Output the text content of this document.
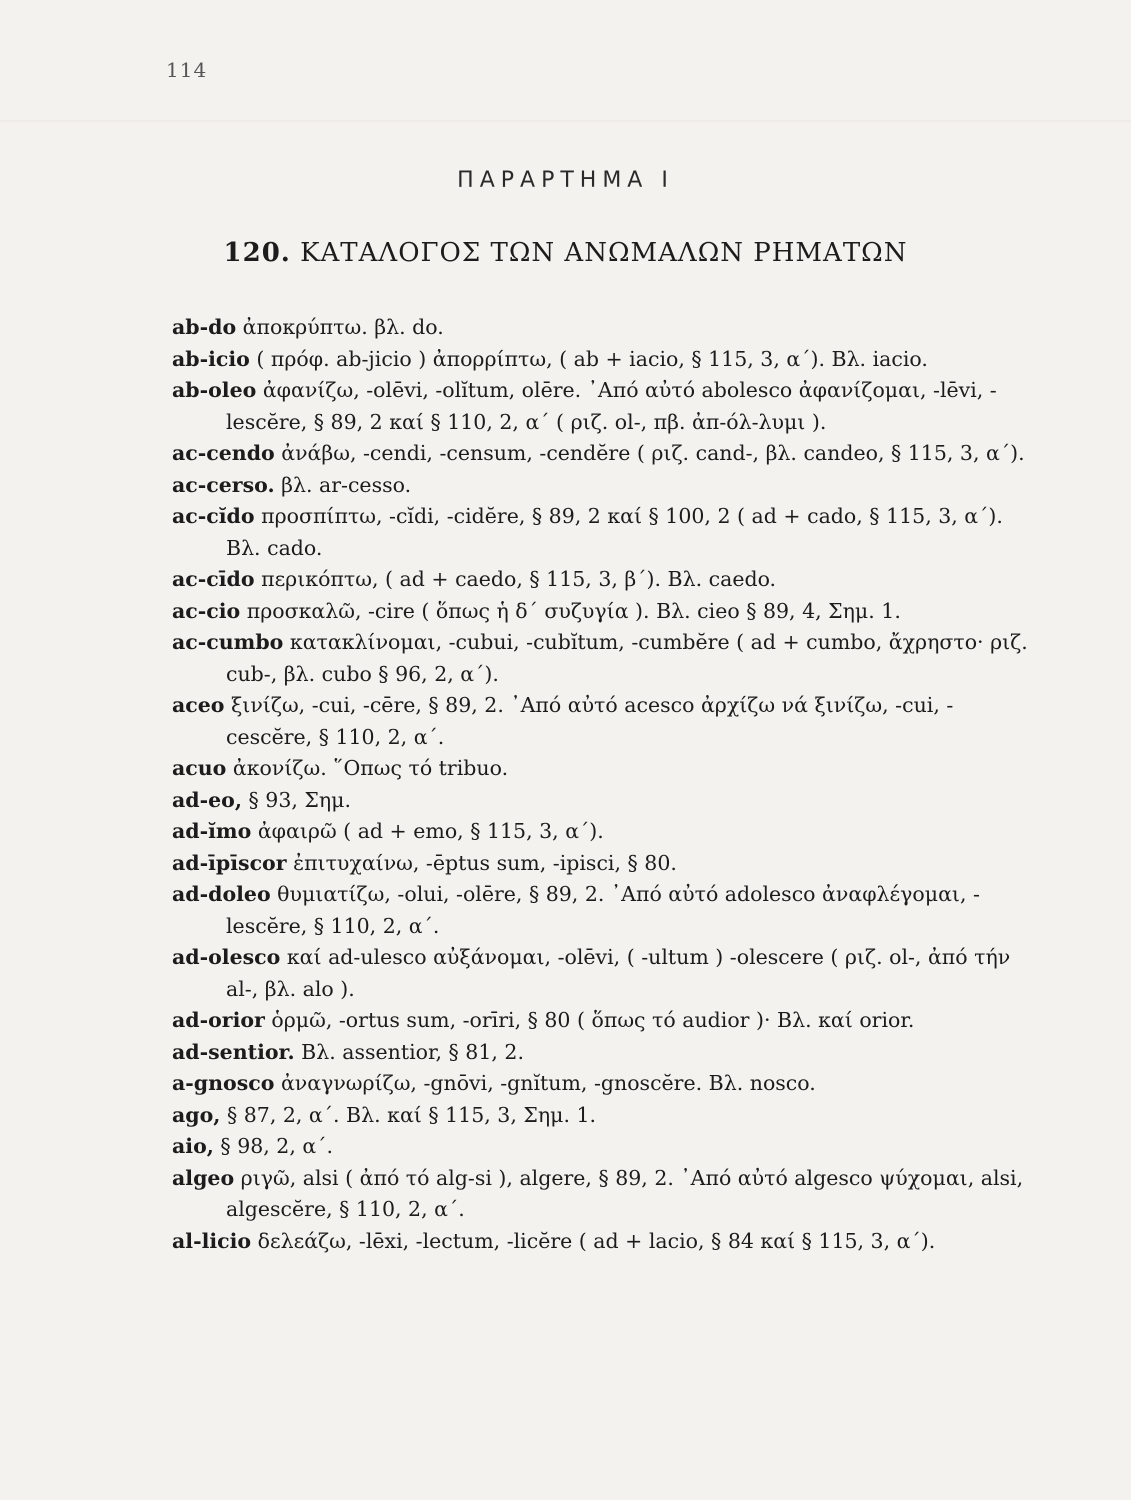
114
ΠΑΡΑΡΤΗΜΑ Ι
120. ΚΑΤΑΛΟΓΟΣ ΤΩΝ ΑΝΩΜΑΛΩΝ ΡΗΜΑΤΩΝ
ab-do ἀποκρύπτω. βλ. do.
ab-icio ( πρόφ. ab-jicio ) ἀπορρίπτω, ( ab + iacio, § 115, 3, α΄). Βλ. iacio.
ab-oleo ἀφανίζω, -olēvi, -olĭtum, olēre. ᾿Από αὐτό abolesco ἀφανίζομαι, -lēvi, -lescĕre, § 89, 2 καί § 110, 2, α΄ ( ριζ. ol-, πβ. ἀπ-όλ-λυμι ).
ac-cendo ἀνάβω, -cendi, -censum, -cendĕre ( ριζ. cand-, βλ. candeo, § 115, 3, α΄).
ac-cerso. βλ. ar-cesso.
ac-cĭdo προσπίπτω, -cĭdi, -cidĕre, § 89, 2 καί § 100, 2 ( ad + cado, § 115, 3, α΄). Βλ. cado.
ac-cīdo περικόπτω, ( ad + caedo, § 115, 3, β΄). Βλ. caedo.
ac-cio προσκαλῶ, -cire ( ὅπως ἡ δ΄ συζυγία ). Βλ. cieo § 89, 4, Σημ. 1.
ac-cumbo κατακλίνομαι, -cubui, -cubĭtum, -cumbĕre ( ad + cumbo, ἄχρηστο· ριζ. cub-, βλ. cubo § 96, 2, α΄).
aceo ξινίζω, -cui, -cēre, § 89, 2. ᾿Από αὐτό acesco ἀρχίζω νά ξινίζω, -cui, -cescĕre, § 110, 2, α΄.
acuo ἀκονίζω. ῞Οπως τό tribuo.
ad-eo, § 93, Σημ.
ad-ĭmo ἀφαιρῶ ( ad + emo, § 115, 3, α΄).
ad-īpīscor ἐπιτυχαίνω, -ēptus sum, -ipisci, § 80.
ad-doleo θυμιατίζω, -olui, -olēre, § 89, 2. ᾿Από αὐτό adolesco ἀναφλέγομαι, -lescĕre, § 110, 2, α΄.
ad-olesco καί ad-ulesco αὐξάνομαι, -olēvi, ( -ultum ) -olescere ( ριζ. ol-, ἀπό τήν al-, βλ. alo ).
ad-orior ὁρμῶ, -ortus sum, -orīri, § 80 ( ὅπως τό audior )· Βλ. καί orior.
ad-sentior. Βλ. assentior, § 81, 2.
a-gnosco ἀναγνωρίζω, -gnōvi, -gnĭtum, -gnoscĕre. Βλ. nosco.
ago, § 87, 2, α΄. Βλ. καί § 115, 3, Σημ. 1.
aio, § 98, 2, α΄.
algeo ριγῶ, alsi ( ἀπό τό alg-si ), algere, § 89, 2. ᾿Από αὐτό algesco ψύχομαι, alsi, algescĕre, § 110, 2, α΄.
al-licio δελεάζω, -lēxi, -lectum, -licĕre ( ad + lacio, § 84 καί § 115, 3, α΄).
